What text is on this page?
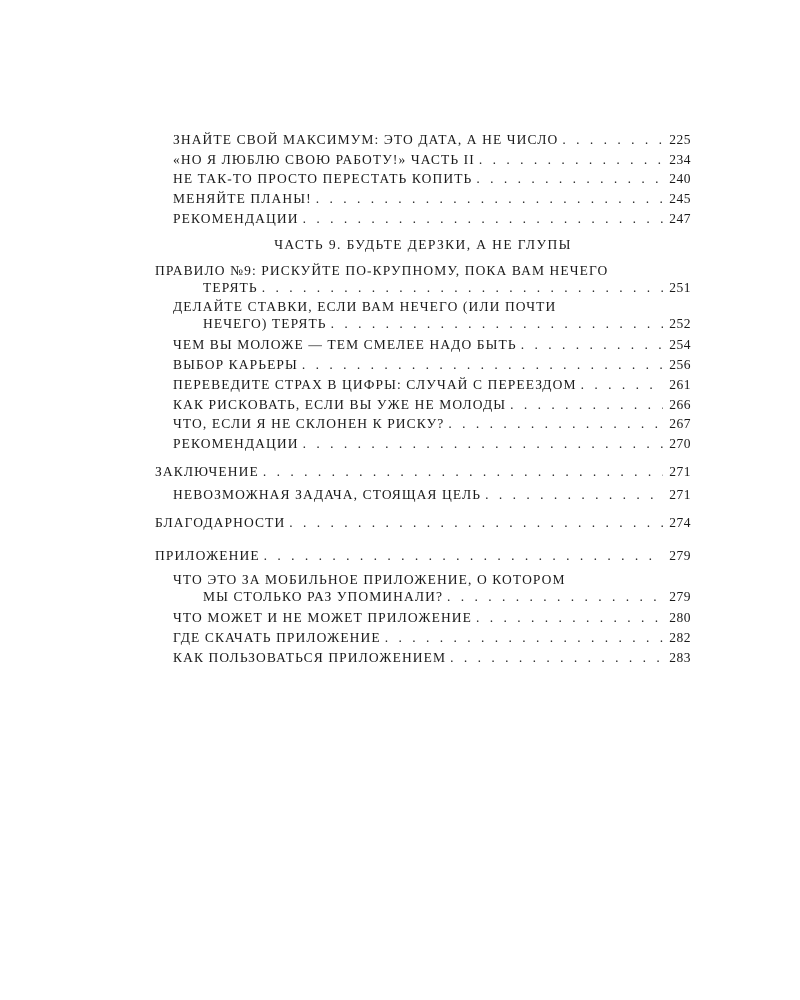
ЗНАЙТЕ СВОЙ МАКСИМУМ: ЭТО ДАТА, А НЕ ЧИСЛО . . .	225
«НО Я ЛЮБЛЮ СВОЮ РАБОТУ!» ЧАСТЬ II . . .	234
НЕ ТАК-ТО ПРОСТО ПЕРЕСТАТЬ КОПИТЬ . . .	240
МЕНЯЙТЕ ПЛАНЫ! . . .	245
РЕКОМЕНДАЦИИ . . .	247
ЧАСТЬ 9. БУДЬТЕ ДЕРЗКИ, А НЕ ГЛУПЫ
ПРАВИЛО №9: РИСКУЙТЕ ПО-КРУПНОМУ, ПОКА ВАМ НЕЧЕГО
ТЕРЯТЬ . . .	251
ДЕЛАЙТЕ СТАВКИ, ЕСЛИ ВАМ НЕЧЕГО (ИЛИ ПОЧТИ
НЕЧЕГО) ТЕРЯТЬ . . .	252
ЧЕМ ВЫ МОЛОЖЕ — ТЕМ СМЕЛЕЕ НАДО БЫТЬ . . .	254
ВЫБОР КАРЬЕРЫ . . .	256
ПЕРЕВЕДИТЕ СТРАХ В ЦИФРЫ: СЛУЧАЙ С ПЕРЕЕЗДОМ . . .	261
КАК РИСКОВАТЬ, ЕСЛИ ВЫ УЖЕ НЕ МОЛОДЫ . . .	266
ЧТО, ЕСЛИ Я НЕ СКЛОНЕН К РИСКУ? . . .	267
РЕКОМЕНДАЦИИ . . .	270
ЗАКЛЮЧЕНИЕ . . .	271
НЕВОЗМОЖНАЯ ЗАДАЧА, СТОЯЩАЯ ЦЕЛЬ . . .	271
БЛАГОДАРНОСТИ . . .	274
ПРИЛОЖЕНИЕ . . .	279
ЧТО ЭТО ЗА МОБИЛЬНОЕ ПРИЛОЖЕНИЕ, О КОТОРОМ
МЫ СТОЛЬКО РАЗ УПОМИНАЛИ? . . .	279
ЧТО МОЖЕТ И НЕ МОЖЕТ ПРИЛОЖЕНИЕ . . .	280
ГДЕ СКАЧАТЬ ПРИЛОЖЕНИЕ . . .	282
КАК ПОЛЬЗОВАТЬСЯ ПРИЛОЖЕНИЕМ . . .	283
